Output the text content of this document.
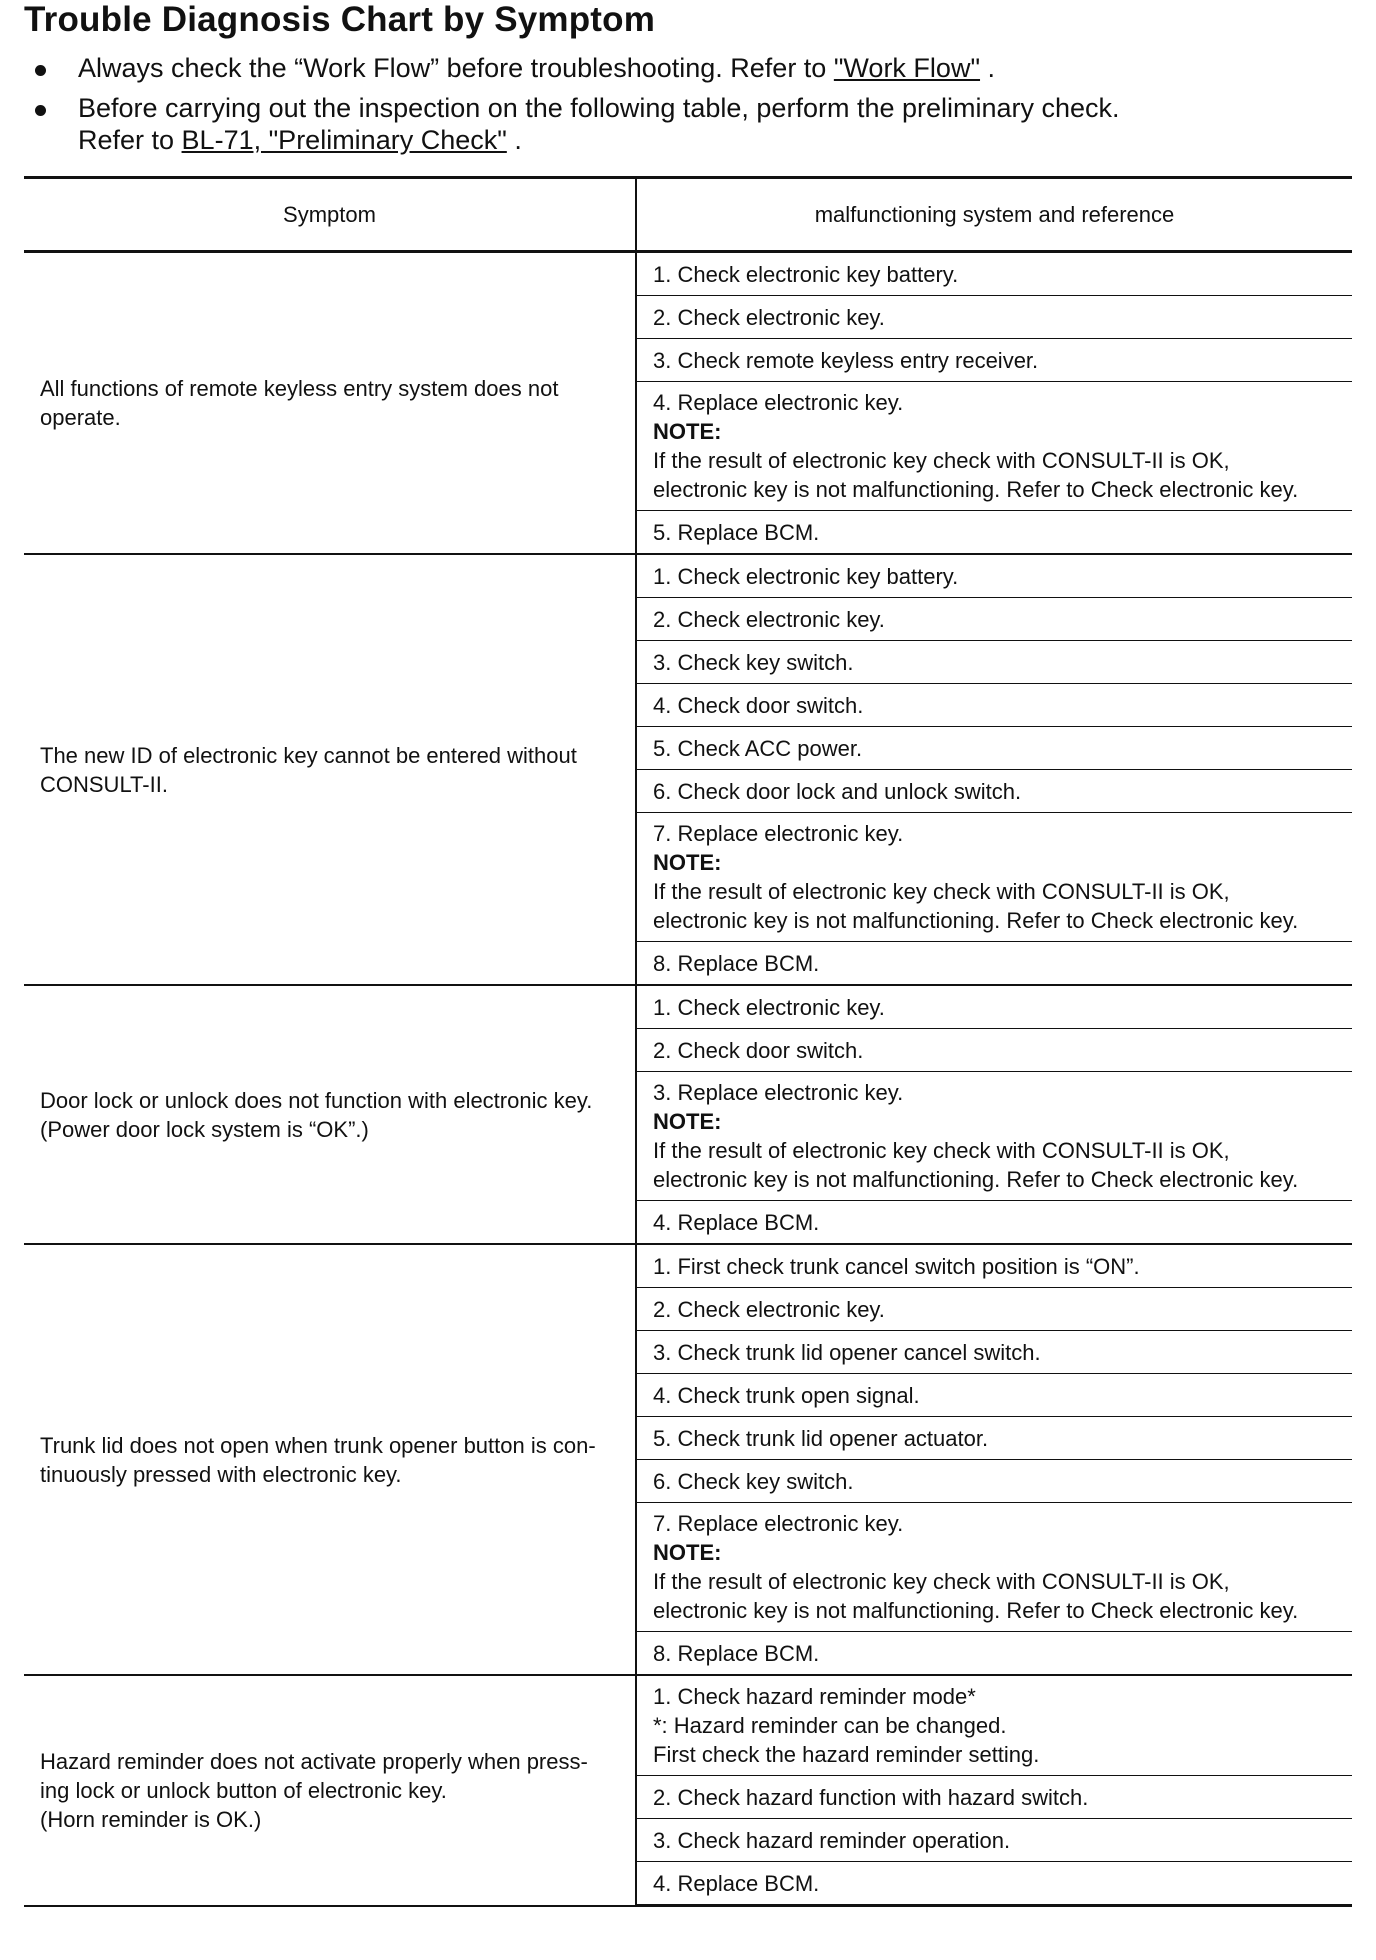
Trouble Diagnosis Chart by Symptom
Always check the “Work Flow” before troubleshooting. Refer to "Work Flow" .
Before carrying out the inspection on the following table, perform the preliminary check.
Refer to BL-71, "Preliminary Check" .
Symptom	malfunctioning system and reference
All functions of remote keyless entry system does not operate.	1. Check electronic key battery.
	2. Check electronic key.
	3. Check remote keyless entry receiver.

	4. Replace electronic key.
NOTE:
If the result of electronic key check with CONSULT-II is OK,
electronic key is not malfunctioning. Refer to Check electronic key.

	5. Replace BCM.
The new ID of electronic key cannot be entered without CONSULT-II.	1. Check electronic key battery.
	2. Check electronic key.
	3. Check key switch.
	4. Check door switch.
	5. Check ACC power.
	6. Check door lock and unlock switch.

	7. Replace electronic key.
NOTE:
If the result of electronic key check with CONSULT-II is OK,
electronic key is not malfunctioning. Refer to Check electronic key.

	8. Replace BCM.

Door lock or unlock does not function with electronic key.
(Power door lock system is “OK”.)	1. Check electronic key.
	2. Check door switch.

	3. Replace electronic key.
NOTE:
If the result of electronic key check with CONSULT-II is OK,
electronic key is not malfunctioning. Refer to Check electronic key.

	4. Replace BCM.

Trunk lid does not open when trunk opener button is con-
tinuously pressed with electronic key.	1. First check trunk cancel switch position is “ON”.
	2. Check electronic key.
	3. Check trunk lid opener cancel switch.
	4. Check trunk open signal.
	5. Check trunk lid opener actuator.
	6. Check key switch.

	7. Replace electronic key.
NOTE:
If the result of electronic key check with CONSULT-II is OK,
electronic key is not malfunctioning. Refer to Check electronic key.

	8. Replace BCM.

Hazard reminder does not activate properly when press-
ing lock or unlock button of electronic key.
(Horn reminder is OK.)	1. Check hazard reminder mode*
*: Hazard reminder can be changed.
First check the hazard reminder setting.

	2. Check hazard function with hazard switch.
	3. Check hazard reminder operation.
	4. Replace BCM.
